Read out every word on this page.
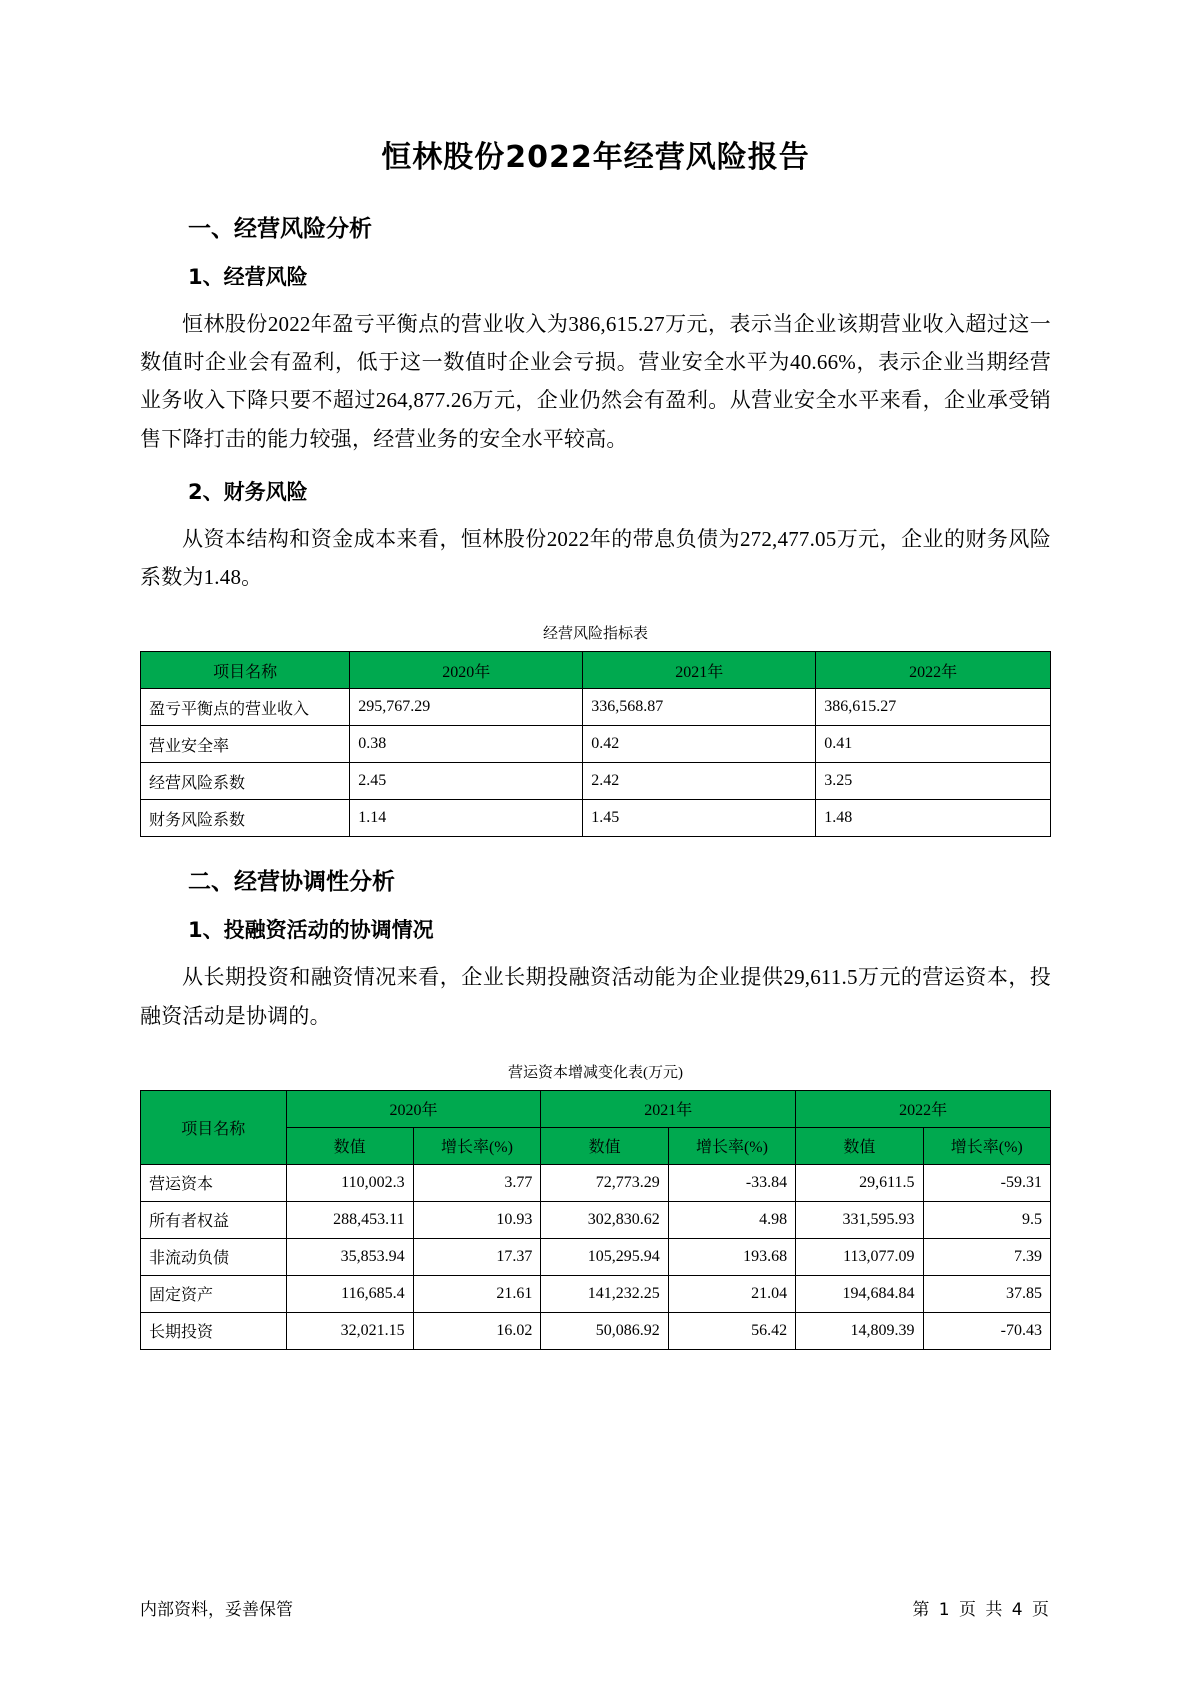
恒林股份2022年经营风险报告
一、经营风险分析
1、经营风险

恒林股份2022年盈亏平衡点的营业收入为386,615.27万元，表示当企业该期营业收入超过这一数值时企业会有盈利，低于这一数值时企业会亏损。营业安全水平为40.66%，表示企业当期经营业务收入下降只要不超过264,877.26万元，企业仍然会有盈利。从营业安全水平来看，企业承受销售下降打击的能力较强，经营业务的安全水平较高。

2、财务风险

从资本结构和资金成本来看，恒林股份2022年的带息负债为272,477.05万元，企业的财务风险系数为1.48。

经营风险指标表
项目名称	2020年	2021年	2022年
盈亏平衡点的营业收入	295,767.29	336,568.87	386,615.27
营业安全率	0.38	0.42	0.41
经营风险系数	2.45	2.42	3.25
财务风险系数	1.14	1.45	1.48
二、经营协调性分析
1、投融资活动的协调情况

从长期投资和融资情况来看，企业长期投融资活动能为企业提供29,611.5万元的营运资本，投融资活动是协调的。

营运资本增减变化表(万元)
项目名称	2020年		2021年		2022年	
	数值	增长率(%)	数值	增长率(%)	数值	增长率(%)
营运资本	110,002.3	3.77	72,773.29	-33.84	29,611.5	-59.31
所有者权益	288,453.11	10.93	302,830.62	4.98	331,595.93	9.5
非流动负债	35,853.94	17.37	105,295.94	193.68	113,077.09	7.39
固定资产	116,685.4	21.61	141,232.25	21.04	194,684.84	37.85
长期投资	32,021.15	16.02	50,086.92	56.42	14,809.39	-70.43
内部资料，妥善保管	第 1 页 共 4 页
